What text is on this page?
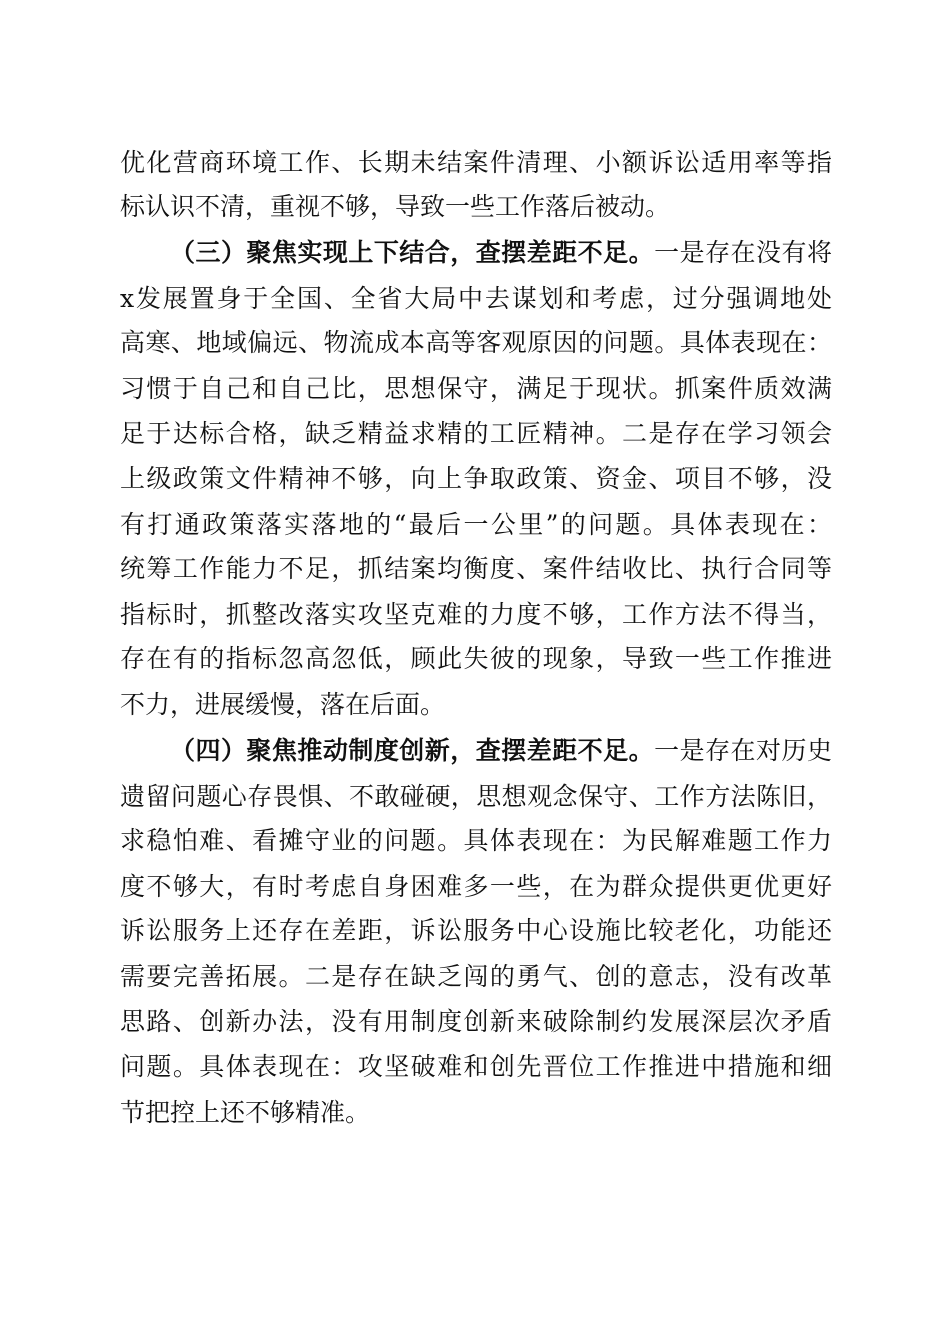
优化营商环境工作、长期未结案件清理、小额诉讼适用率等指
标认识不清，重视不够，导致一些工作落后被动。
（三）聚焦实现上下结合，查摆差距不足。一是存在没有将
x发展置身于全国、全省大局中去谋划和考虑，过分强调地处
高寒、地域偏远、物流成本高等客观原因的问题。具体表现在：
习惯于自己和自己比，思想保守，满足于现状。抓案件质效满
足于达标合格，缺乏精益求精的工匠精神。二是存在学习领会
上级政策文件精神不够，向上争取政策、资金、项目不够，没
有打通政策落实落地的“最后一公里”的问题。具体表现在：
统筹工作能力不足，抓结案均衡度、案件结收比、执行合同等
指标时，抓整改落实攻坚克难的力度不够，工作方法不得当，
存在有的指标忽高忽低，顾此失彼的现象，导致一些工作推进
不力，进展缓慢，落在后面。
（四）聚焦推动制度创新，查摆差距不足。一是存在对历史
遗留问题心存畏惧、不敢碰硬，思想观念保守、工作方法陈旧，
求稳怕难、看摊守业的问题。具体表现在：为民解难题工作力
度不够大，有时考虑自身困难多一些，在为群众提供更优更好
诉讼服务上还存在差距，诉讼服务中心设施比较老化，功能还
需要完善拓展。二是存在缺乏闯的勇气、创的意志，没有改革
思路、创新办法，没有用制度创新来破除制约发展深层次矛盾
问题。具体表现在：攻坚破难和创先晋位工作推进中措施和细
节把控上还不够精准。
